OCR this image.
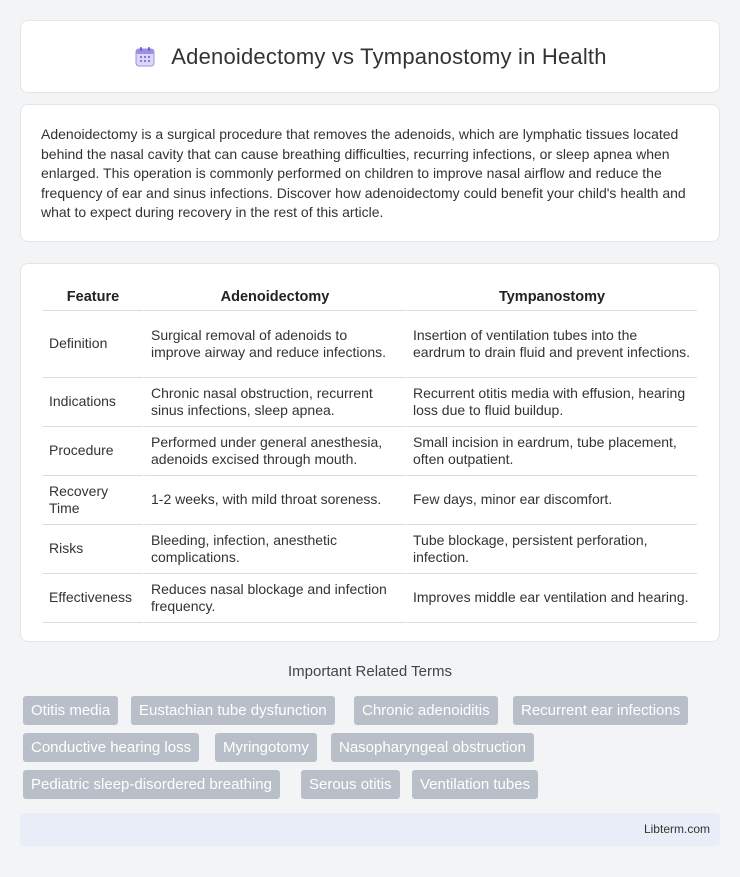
Adenoidectomy vs Tympanostomy in Health

Adenoidectomy is a surgical procedure that removes the adenoids, which are lymphatic tissues located behind the nasal cavity that can cause breathing difficulties, recurring infections, or sleep apnea when enlarged. This operation is commonly performed on children to improve nasal airflow and reduce the frequency of ear and sinus infections. Discover how adenoidectomy could benefit your child's health and what to expect during recovery in the rest of this article.

Feature	Adenoidectomy	Tympanostomy
Definition	Surgical removal of adenoids to improve airway and reduce infections.	Insertion of ventilation tubes into the eardrum to drain fluid and prevent infections.
Indications	Chronic nasal obstruction, recurrent sinus infections, sleep apnea.	Recurrent otitis media with effusion, hearing loss due to fluid buildup.
Procedure	Performed under general anesthesia, adenoids excised through mouth.	Small incision in eardrum, tube placement, often outpatient.
Recovery Time	1-2 weeks, with mild throat soreness.	Few days, minor ear discomfort.
Risks	Bleeding, infection, anesthetic complications.	Tube blockage, persistent perforation, infection.
Effectiveness	Reduces nasal blockage and infection frequency.	Improves middle ear ventilation and hearing.
Important Related Terms
Otitis media	Eustachian tube dysfunction	Chronic adenoiditis	Recurrent ear infections
Conductive hearing loss	Myringotomy	Nasopharyngeal obstruction
Pediatric sleep-disordered breathing	Serous otitis	Ventilation tubes
Libterm.com
